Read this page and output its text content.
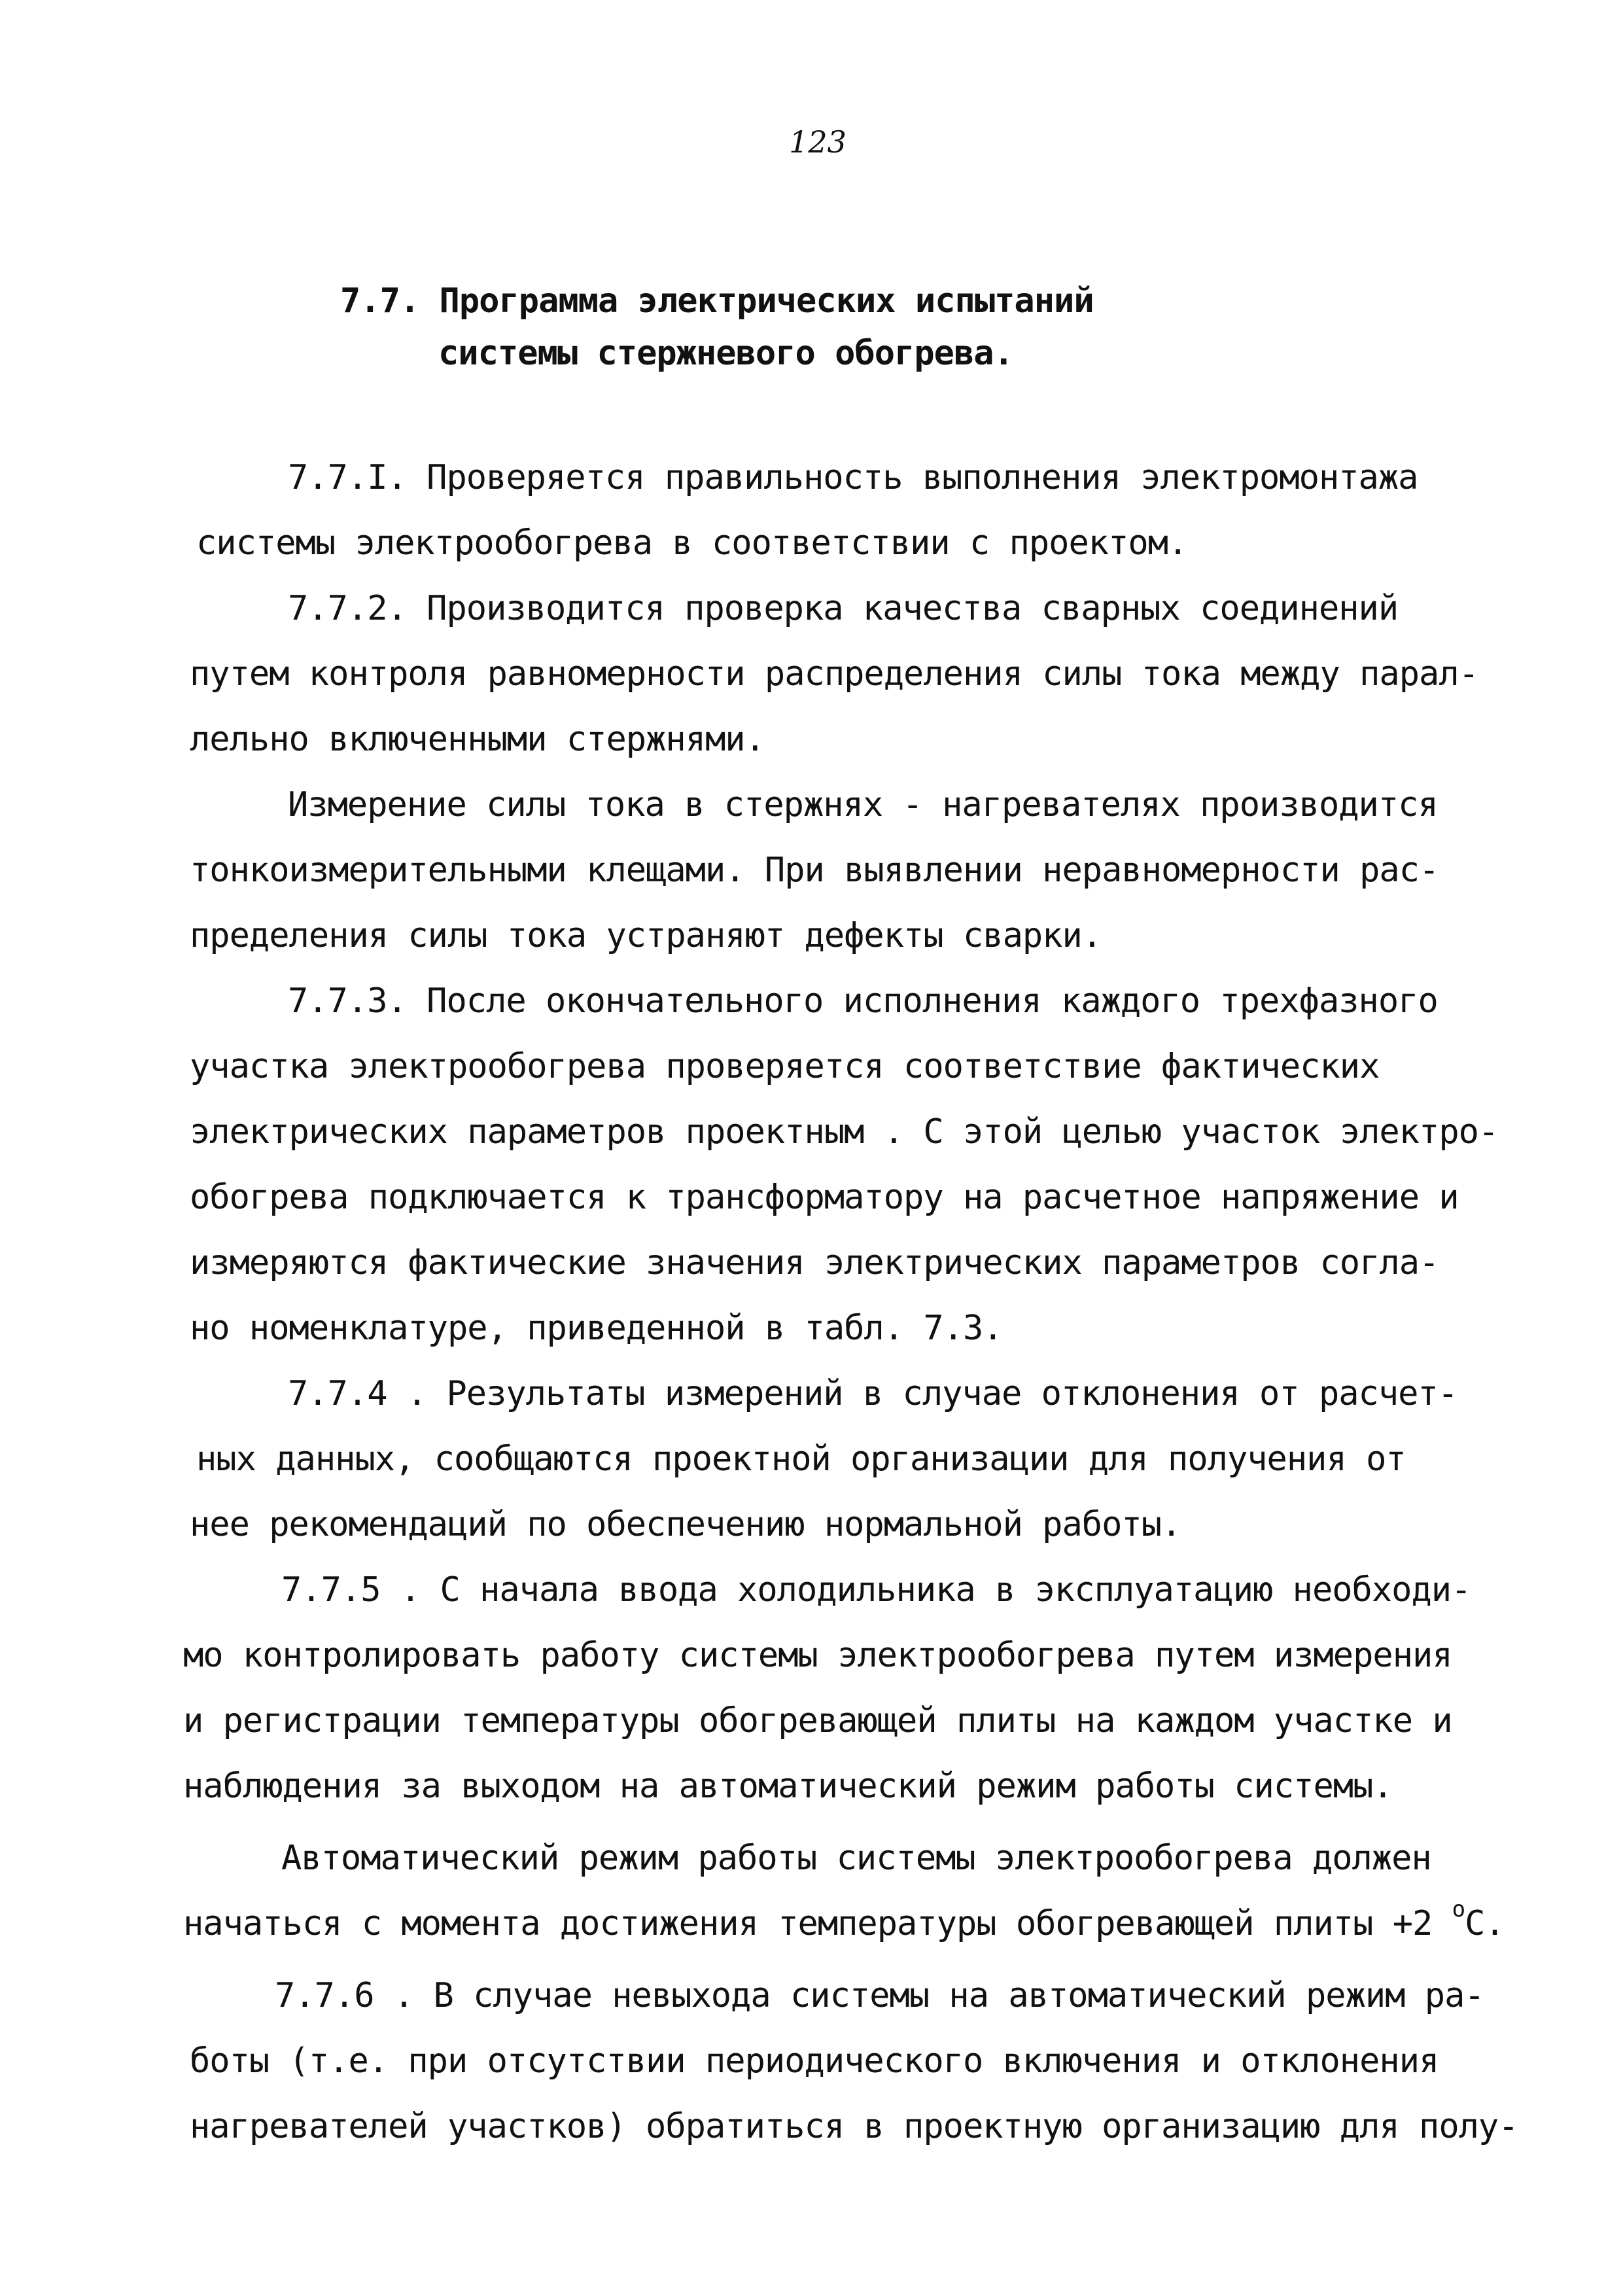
123
7.7. Программа электрических испытаний
системы стержневого обогрева.
7.7.I. Проверяется правильность выполнения электромонтажа
системы электрообогрева в соответствии с проектом.
7.7.2. Производится проверка качества сварных соединений
путем контроля равномерности распределения силы тока между парал-
лельно включенными стержнями.
Измерение силы тока в стержнях - нагревателях производится
тонкоизмерительными клещами. При выявлении неравномерности рас-
пределения силы тока устраняют дефекты сварки.
7.7.3. После окончательного исполнения каждого трехфазного
участка электрообогрева проверяется соответствие фактических
электрических параметров проектным . С этой целью участок электро-
обогрева подключается к трансформатору на расчетное напряжение и
измеряются фактические значения электрических параметров согла-
но номенклатуре, приведенной в табл. 7.3.
7.7.4 . Результаты измерений в случае отклонения от расчет-
ных данных, сообщаются проектной организации для получения от
нее рекомендаций по обеспечению нормальной работы.
7.7.5 . С начала ввода холодильника в эксплуатацию необходи-
мо контролировать работу системы электрообогрева путем измерения
и регистрации температуры обогревающей плиты на каждом участке и
наблюдения за выходом на автоматический режим работы системы.
Автоматический режим работы системы электрообогрева должен
начаться с момента достижения температуры обогревающей плиты +2 $^o$C.
7.7.6 . В случае невыхода системы на автоматический режим ра-
боты (т.е. при отсутствии периодического включения и отклонения
нагревателей участков) обратиться в проектную организацию для полу-
